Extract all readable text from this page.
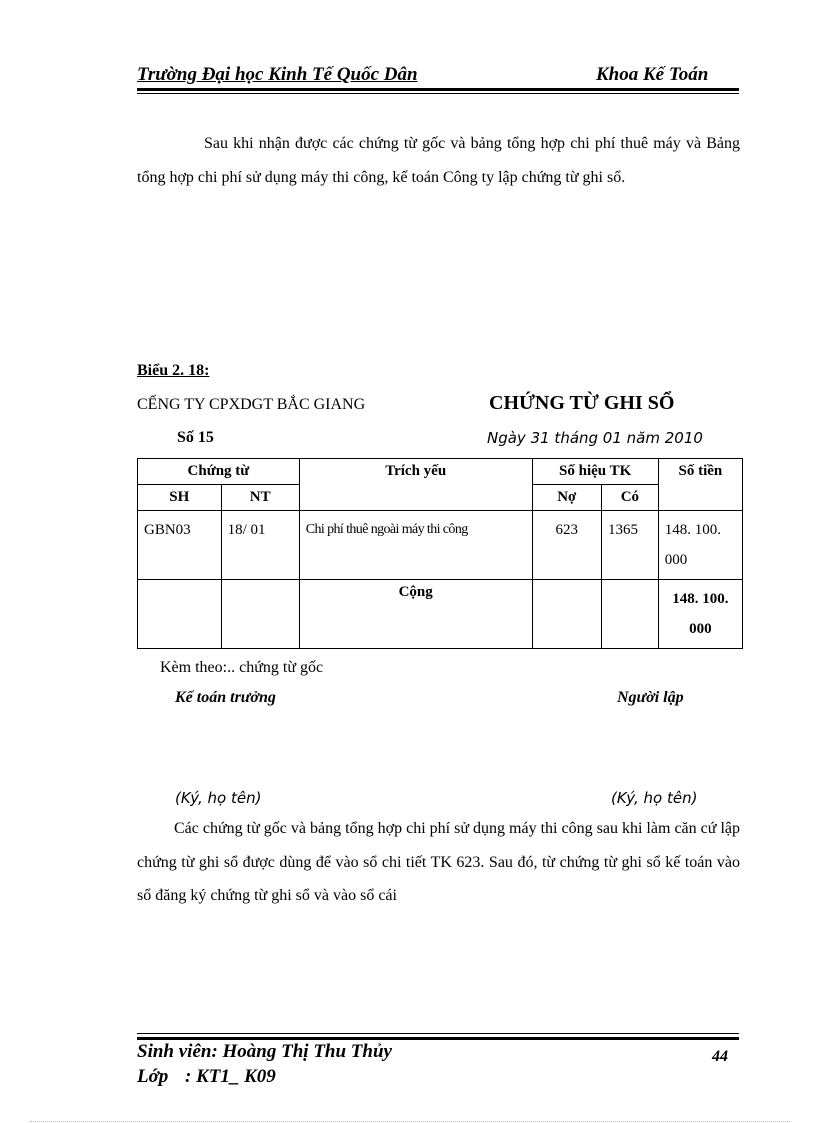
Trường Đại học Kinh Tế Quốc Dân	Khoa Kế Toán

Sau khi nhận được các chứng từ gốc và bảng tổng hợp chi phí thuê máy và Bảng tổng hợp chi phí sử dụng máy thi công, kế toán Công ty lập chứng từ ghi sổ.

Biểu 2. 18:
CẾNG TY CPXDGT BẮC GIANG	CHỨNG TỪ GHI SỔ
Số 15	Ngày 31 tháng 01 năm 2010
Chứng từ		Trích yếu	Số hiệu TK		Số tiền
SH	NT		Nợ	Có	
GBN03	18/ 01	Chi phí thuê ngoài máy thi công	623	1365	148. 100. 000
		Cộng			148. 100. 000
Kèm theo:.. chứng từ gốc
Kế toán trưởng	Người lập
(Ký, họ tên)	(Ký, họ tên)

Các chứng từ gốc và bảng tổng hợp chi phí sử dụng máy thi công sau khi làm căn cứ lập chứng từ ghi sổ được dùng để vào sổ chi tiết TK 623. Sau đó, từ chứng từ ghi sổ kế toán vào sổ đăng ký chứng từ ghi sổ và vào sổ cái

Sinh viên: Hoàng Thị Thu Thủy
Lớp : KT1_ K09
44
